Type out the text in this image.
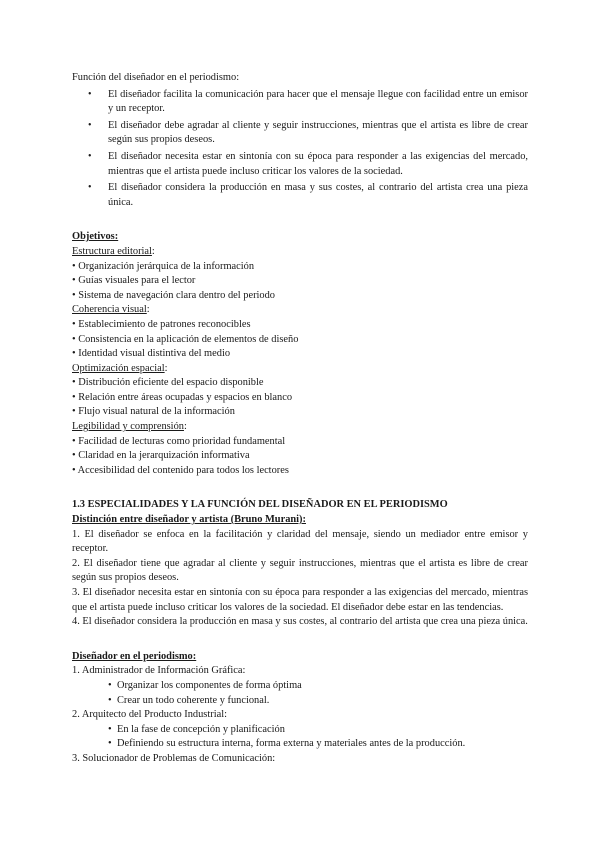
Función del diseñador en el periodismo:

• El diseñador facilita la comunicación para hacer que el mensaje llegue con facilidad entre un emisor y un receptor.
• El diseñador debe agradar al cliente y seguir instrucciones, mientras que el artista es libre de crear según sus propios deseos.
• El diseñador necesita estar en sintonía con su época para responder a las exigencias del mercado, mientras que el artista puede incluso criticar los valores de la sociedad.
• El diseñador considera la producción en masa y sus costes, al contrario del artista crea una pieza única.
Objetivos:
Estructura editorial:

• Organización jerárquica de la información

• Guías visuales para el lector

• Sistema de navegación clara dentro del periodo

Coherencia visual:

• Establecimiento de patrones reconocibles

• Consistencia en la aplicación de elementos de diseño

• Identidad visual distintiva del medio

Optimización espacial:

• Distribución eficiente del espacio disponible

• Relación entre áreas ocupadas y espacios en blanco

• Flujo visual natural de la información

Legibilidad y comprensión:

• Facilidad de lecturas como prioridad fundamental

• Claridad en la jerarquización informativa

• Accesibilidad del contenido para todos los lectores

1.3 ESPECIALIDADES Y LA FUNCIÓN DEL DISEÑADOR EN EL PERIODISMO
Distinción entre diseñador y artista (Bruno Murani):

1. El diseñador se enfoca en la facilitación y claridad del mensaje, siendo un mediador entre emisor y receptor.

2. El diseñador tiene que agradar al cliente y seguir instrucciones, mientras que el artista es libre de crear según sus propios deseos.

3. El diseñador necesita estar en sintonía con su época para responder a las exigencias del mercado, mientras que el artista puede incluso criticar los valores de la sociedad. El diseñador debe estar en las tendencias.

4. El diseñador considera la producción en masa y sus costes, al contrario del artista que crea una pieza única.

Diseñador en el periodismo:

1. Administrador de Información Gráfica:

• Organizar los componentes de forma óptima
• Crear un todo coherente y funcional.

2. Arquitecto del Producto Industrial:

• En la fase de concepción y planificación
• Definiendo su estructura interna, forma externa y materiales antes de la producción.

3. Solucionador de Problemas de Comunicación:
